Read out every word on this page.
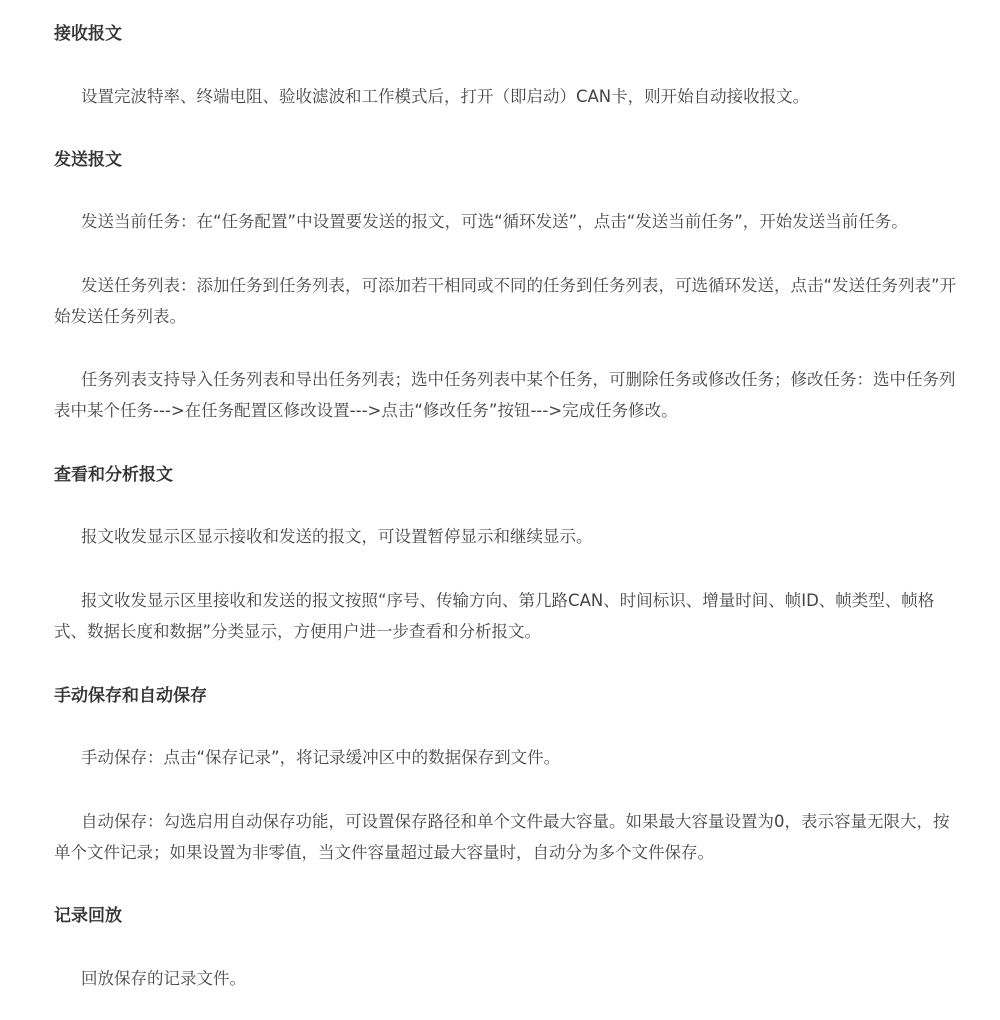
接收报文

设置完波特率、终端电阻、验收滤波和工作模式后，打开（即启动）CAN卡，则开始自动接收报文。

发送报文

发送当前任务：在“任务配置”中设置要发送的报文，可选“循环发送”，点击“发送当前任务”，开始发送当前任务。

发送任务列表：添加任务到任务列表，可添加若干相同或不同的任务到任务列表，可选循环发送，点击“发送任务列表”开始发送任务列表。

任务列表支持导入任务列表和导出任务列表；选中任务列表中某个任务，可删除任务或修改任务；修改任务：选中任务列表中某个任务--->在任务配置区修改设置--->点击“修改任务”按钮--->完成任务修改。

查看和分析报文

报文收发显示区显示接收和发送的报文，可设置暂停显示和继续显示。

报文收发显示区里接收和发送的报文按照“序号、传输方向、第几路CAN、时间标识、增量时间、帧ID、帧类型、帧格式、数据长度和数据”分类显示，方便用户进一步查看和分析报文。

手动保存和自动保存

手动保存：点击“保存记录”，将记录缓冲区中的数据保存到文件。

自动保存：勾选启用自动保存功能，可设置保存路径和单个文件最大容量。如果最大容量设置为0，表示容量无限大，按单个文件记录；如果设置为非零值，当文件容量超过最大容量时，自动分为多个文件保存。

记录回放

回放保存的记录文件。
